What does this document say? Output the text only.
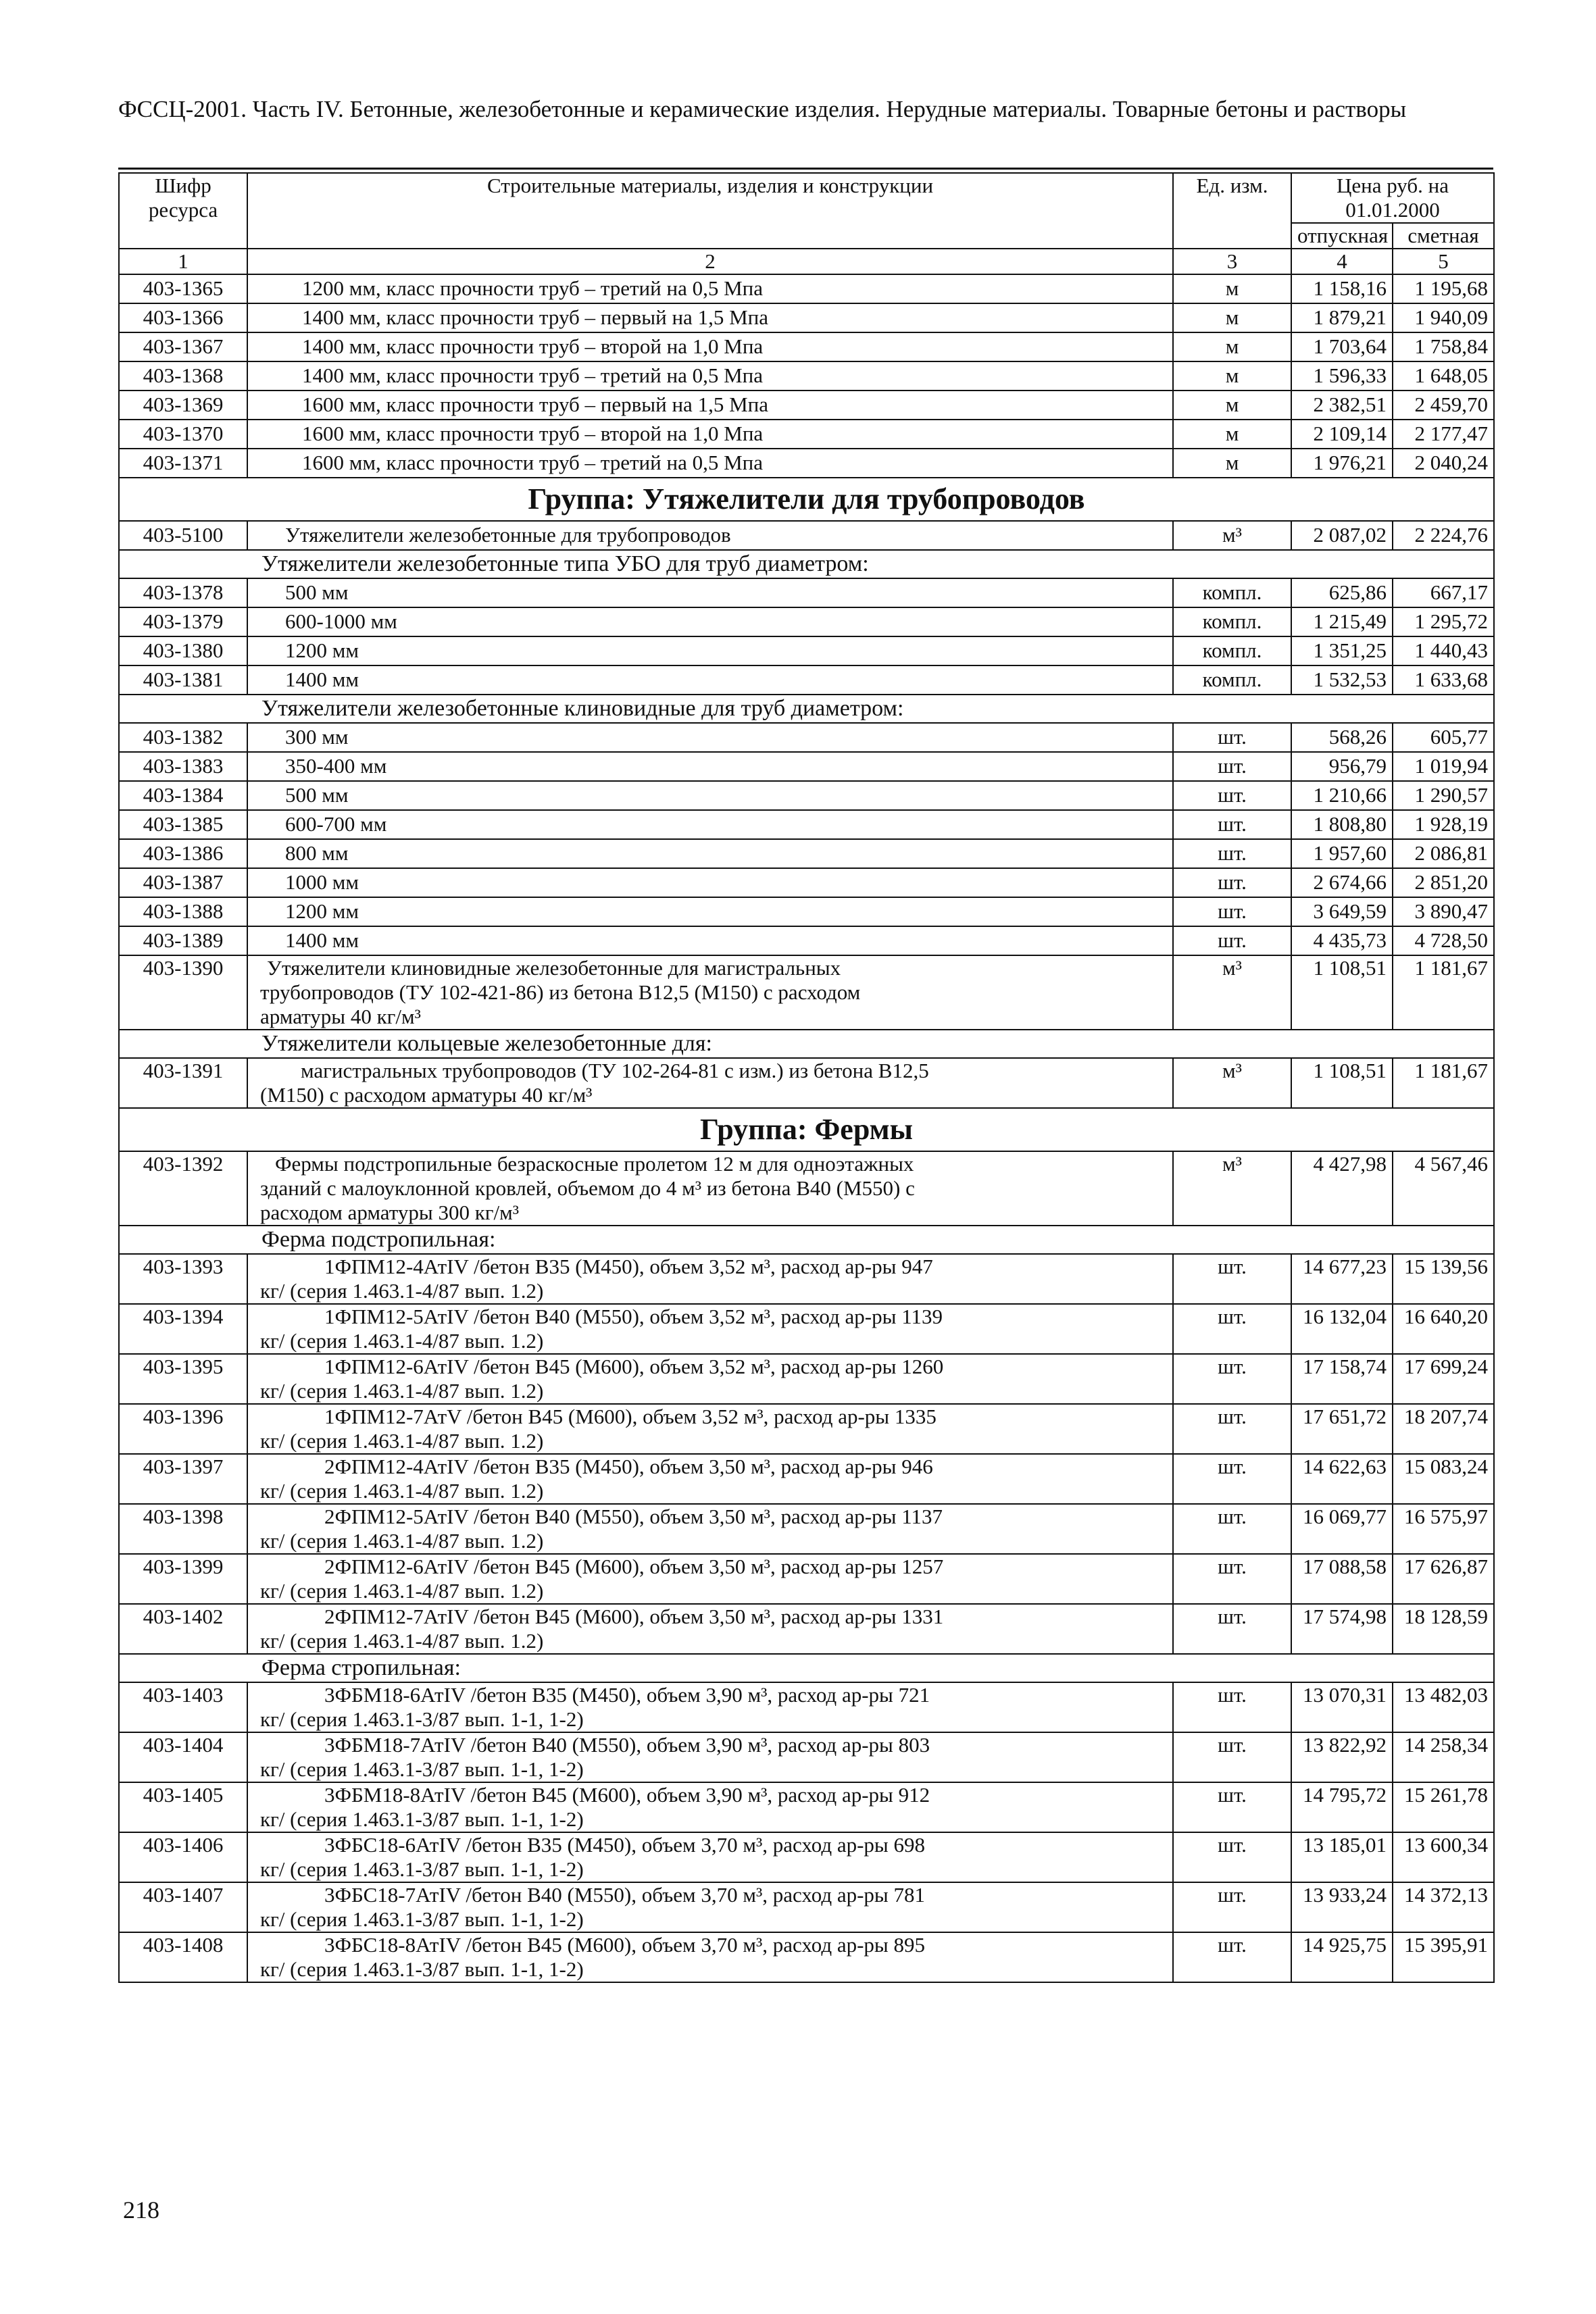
ФССЦ-2001. Часть IV. Бетонные, железобетонные и керамические изделия. Нерудные материалы. Товарные бетоны и растворы
Шифр ресурса	Строительные материалы, изделия и конструкции	Ед. изм.	Цена руб. на 01.01.2000	
			отпускная	сметная
1	2	3	4	5
403-1365	1200 мм, класс прочности труб – третий на 0,5 Мпа	м	1 158,16	1 195,68
403-1366	1400 мм, класс прочности труб – первый на 1,5 Мпа	м	1 879,21	1 940,09
403-1367	1400 мм, класс прочности труб – второй на 1,0 Мпа	м	1 703,64	1 758,84
403-1368	1400 мм, класс прочности труб – третий на 0,5 Мпа	м	1 596,33	1 648,05
403-1369	1600 мм, класс прочности труб – первый на 1,5 Мпа	м	2 382,51	2 459,70
403-1370	1600 мм, класс прочности труб – второй на 1,0 Мпа	м	2 109,14	2 177,47
403-1371	1600 мм, класс прочности труб – третий на 0,5 Мпа	м	1 976,21	2 040,24
Группа: Утяжелители для трубопроводов				
403-5100	Утяжелители железобетонные для трубопроводов	м³	2 087,02	2 224,76
Утяжелители железобетонные типа УБО для труб диаметром:				
403-1378	500 мм	компл.	625,86	667,17
403-1379	600-1000 мм	компл.	1 215,49	1 295,72
403-1380	1200 мм	компл.	1 351,25	1 440,43
403-1381	1400 мм	компл.	1 532,53	1 633,68
Утяжелители железобетонные клиновидные для труб диаметром:				
403-1382	300 мм	шт.	568,26	605,77
403-1383	350-400 мм	шт.	956,79	1 019,94
403-1384	500 мм	шт.	1 210,66	1 290,57
403-1385	600-700 мм	шт.	1 808,80	1 928,19
403-1386	800 мм	шт.	1 957,60	2 086,81
403-1387	1000 мм	шт.	2 674,66	2 851,20
403-1388	1200 мм	шт.	3 649,59	3 890,47
403-1389	1400 мм	шт.	4 435,73	4 728,50
403-1390	Утяжелители клиновидные железобетонные для магистральных
трубопроводов (ТУ 102-421-86) из бетона В12,5 (М150) с расходом
арматуры 40 кг/м³	м³	1 108,51	1 181,67
Утяжелители кольцевые железобетонные для:				
403-1391	магистральных трубопроводов (ТУ 102-264-81 с изм.) из бетона В12,5
(М150) с расходом арматуры 40 кг/м³	м³	1 108,51	1 181,67
Группа: Фермы				
403-1392	Фермы подстропильные безраскосные пролетом 12 м для одноэтажных
зданий с малоуклонной кровлей, объемом до 4 м³ из бетона В40 (М550) с
расходом арматуры 300 кг/м³	м³	4 427,98	4 567,46
Ферма подстропильная:				
403-1393	1ФПМ12-4АтIV /бетон В35 (М450), объем 3,52 м³, расход ар-ры 947
кг/ (серия 1.463.1-4/87 вып. 1.2)	шт.	14 677,23	15 139,56
403-1394	1ФПМ12-5АтIV /бетон В40 (М550), объем 3,52 м³, расход ар-ры 1139
кг/ (серия 1.463.1-4/87 вып. 1.2)	шт.	16 132,04	16 640,20
403-1395	1ФПМ12-6АтIV /бетон В45 (М600), объем 3,52 м³, расход ар-ры 1260
кг/ (серия 1.463.1-4/87 вып. 1.2)	шт.	17 158,74	17 699,24
403-1396	1ФПМ12-7АтV /бетон В45 (М600), объем 3,52 м³, расход ар-ры 1335
кг/ (серия 1.463.1-4/87 вып. 1.2)	шт.	17 651,72	18 207,74
403-1397	2ФПМ12-4АтIV /бетон В35 (М450), объем 3,50 м³, расход ар-ры 946
кг/ (серия 1.463.1-4/87 вып. 1.2)	шт.	14 622,63	15 083,24
403-1398	2ФПМ12-5АтIV /бетон В40 (М550), объем 3,50 м³, расход ар-ры 1137
кг/ (серия 1.463.1-4/87 вып. 1.2)	шт.	16 069,77	16 575,97
403-1399	2ФПМ12-6АтIV /бетон В45 (М600), объем 3,50 м³, расход ар-ры 1257
кг/ (серия 1.463.1-4/87 вып. 1.2)	шт.	17 088,58	17 626,87
403-1402	2ФПМ12-7АтIV /бетон В45 (М600), объем 3,50 м³, расход ар-ры 1331
кг/ (серия 1.463.1-4/87 вып. 1.2)	шт.	17 574,98	18 128,59
Ферма стропильная:				
403-1403	3ФБМ18-6АтIV /бетон В35 (М450), объем 3,90 м³, расход ар-ры 721
кг/ (серия 1.463.1-3/87 вып. 1-1, 1-2)	шт.	13 070,31	13 482,03
403-1404	3ФБМ18-7АтIV /бетон В40 (М550), объем 3,90 м³, расход ар-ры 803
кг/ (серия 1.463.1-3/87 вып. 1-1, 1-2)	шт.	13 822,92	14 258,34
403-1405	3ФБМ18-8АтIV /бетон В45 (М600), объем 3,90 м³, расход ар-ры 912
кг/ (серия 1.463.1-3/87 вып. 1-1, 1-2)	шт.	14 795,72	15 261,78
403-1406	3ФБС18-6АтIV /бетон В35 (М450), объем 3,70 м³, расход ар-ры 698
кг/ (серия 1.463.1-3/87 вып. 1-1, 1-2)	шт.	13 185,01	13 600,34
403-1407	3ФБС18-7АтIV /бетон В40 (М550), объем 3,70 м³, расход ар-ры 781
кг/ (серия 1.463.1-3/87 вып. 1-1, 1-2)	шт.	13 933,24	14 372,13
403-1408	3ФБС18-8АтIV /бетон В45 (М600), объем 3,70 м³, расход ар-ры 895
кг/ (серия 1.463.1-3/87 вып. 1-1, 1-2)	шт.	14 925,75	15 395,91
218
